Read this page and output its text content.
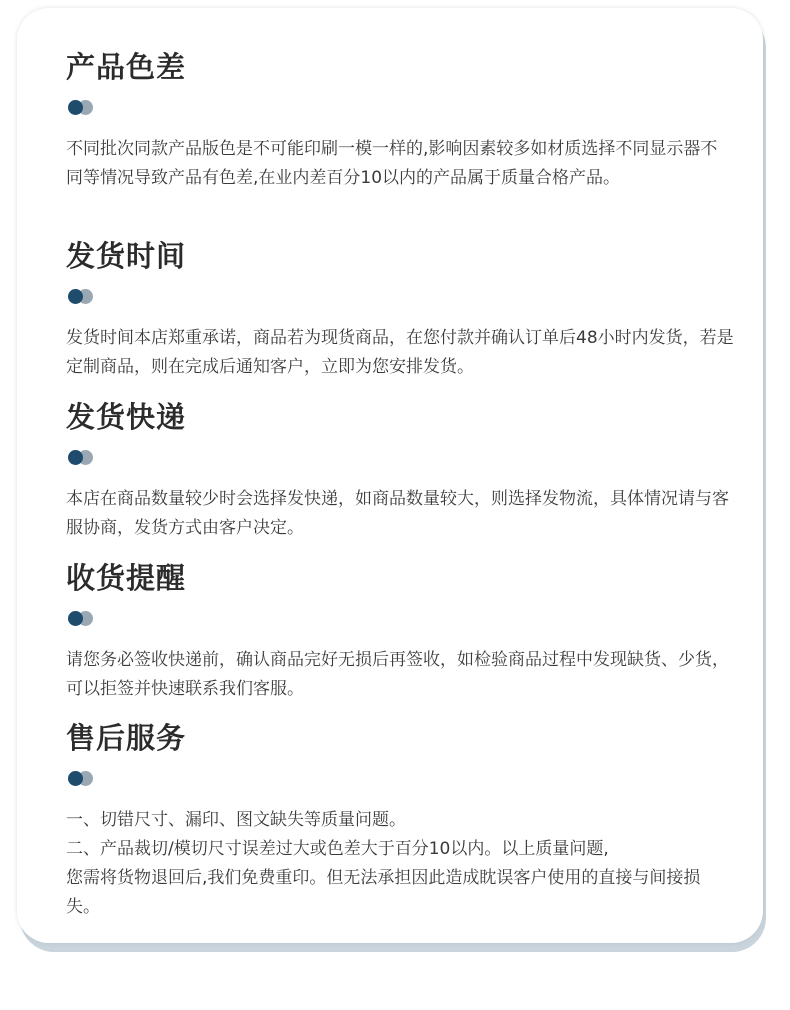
产品色差

不同批次同款产品版色是不可能印刷一模一样的,影响因素较多如材质选择不同显示器不同等情况导致产品有色差,在业内差百分10以内的产品属于质量合格产品。

发货时间

发货时间本店郑重承诺，商品若为现货商品，在您付款并确认订单后48小时内发货，若是定制商品，则在完成后通知客户，立即为您安排发货。

发货快递

本店在商品数量较少时会选择发快递，如商品数量较大，则选择发物流，具体情况请与客服协商，发货方式由客户决定。

收货提醒

请您务必签收快递前，确认商品完好无损后再签收，如检验商品过程中发现缺货、少货，可以拒签并快速联系我们客服。

售后服务

一、切错尺寸、漏印、图文缺失等质量问题。

二、产品裁切/模切尺寸误差过大或色差大于百分10以内。以上质量问题,

您需将货物退回后,我们免费重印。但无法承担因此造成眈误客户使用的直接与间接损失。
